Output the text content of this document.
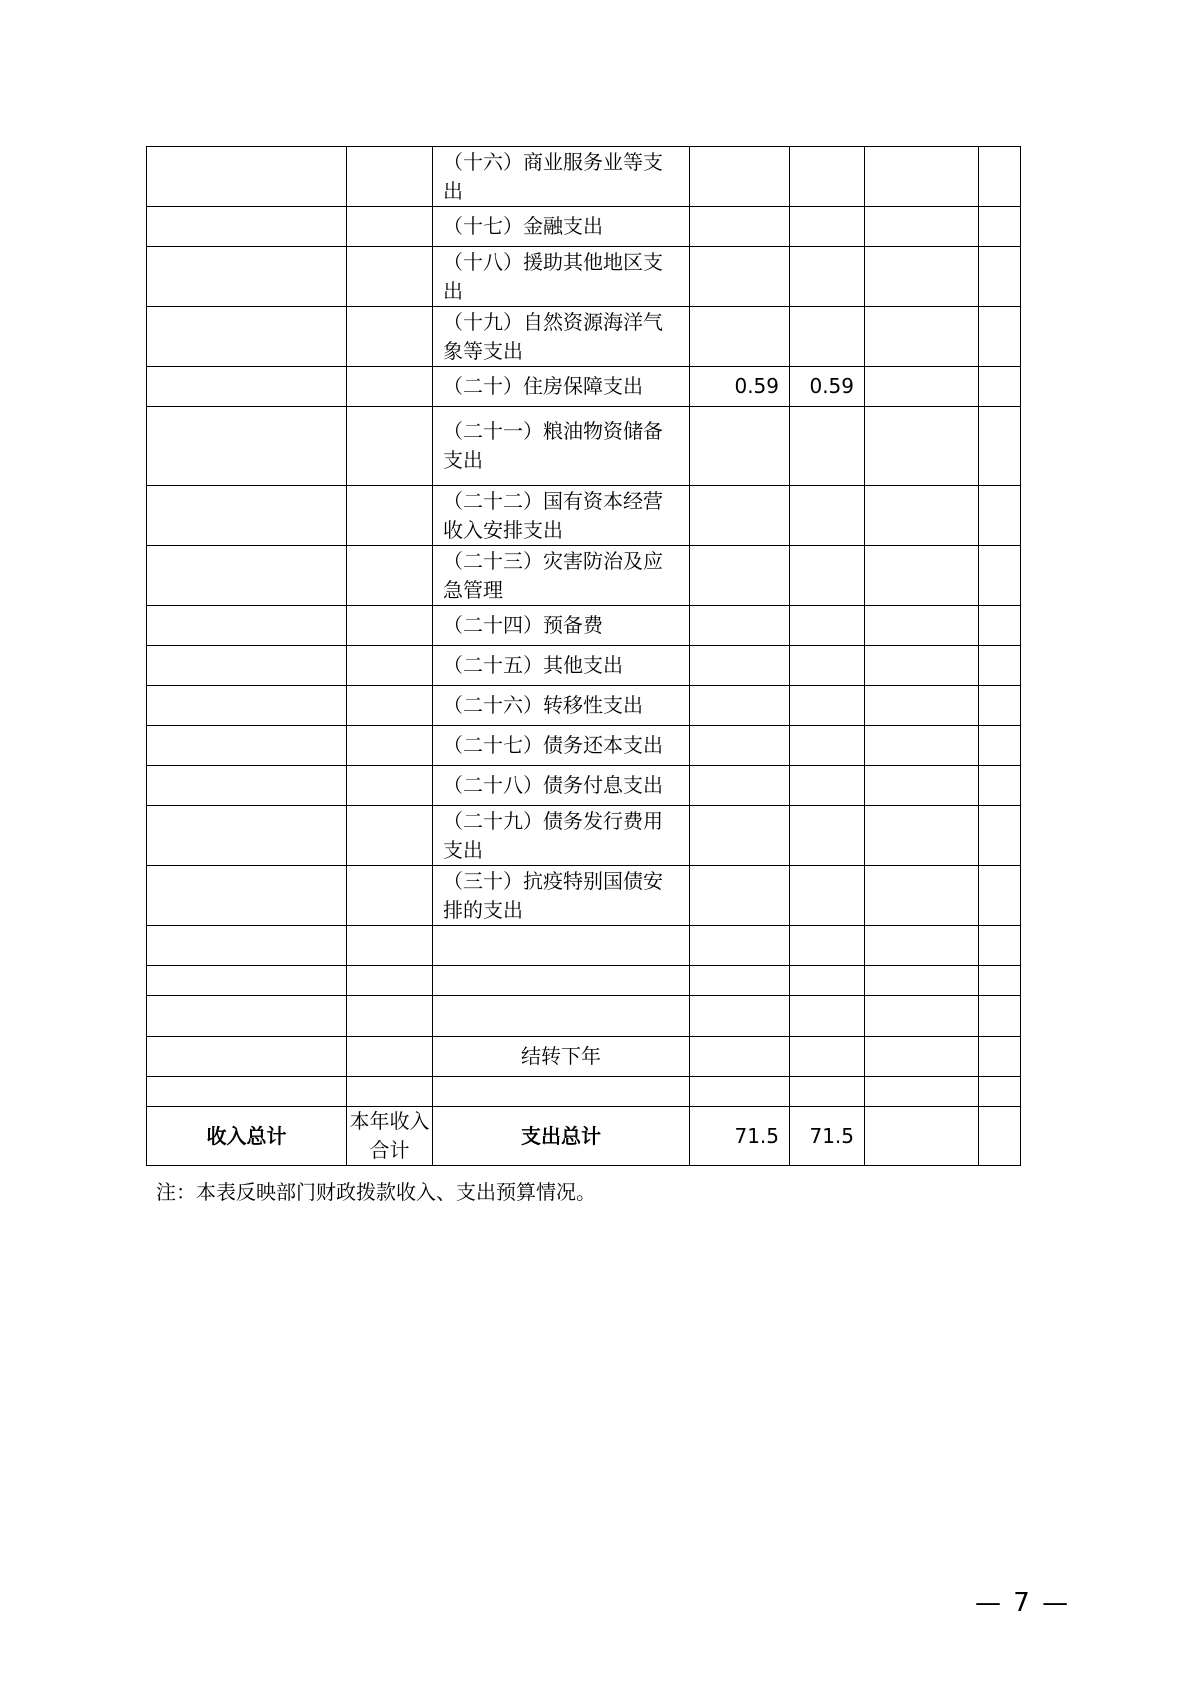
		（十六）商业服务业等支出				
		（十七）金融支出				
		（十八）援助其他地区支出				
		（十九）自然资源海洋气象等支出				
		（二十）住房保障支出	0.59	0.59		
		（二十一）粮油物资储备支出				
		（二十二）国有资本经营收入安排支出				
		（二十三）灾害防治及应急管理				
		（二十四）预备费				
		（二十五）其他支出				
		（二十六）转移性支出				
		（二十七）债务还本支出				
		（二十八）债务付息支出				
		（二十九）债务发行费用支出				
		（三十）抗疫特别国债安排的支出				

		结转下年				

收入总计	本年收入合计	支出总计	71.5	71.5		
注：本表反映部门财政拨款收入、支出预算情况。
— 7 —
